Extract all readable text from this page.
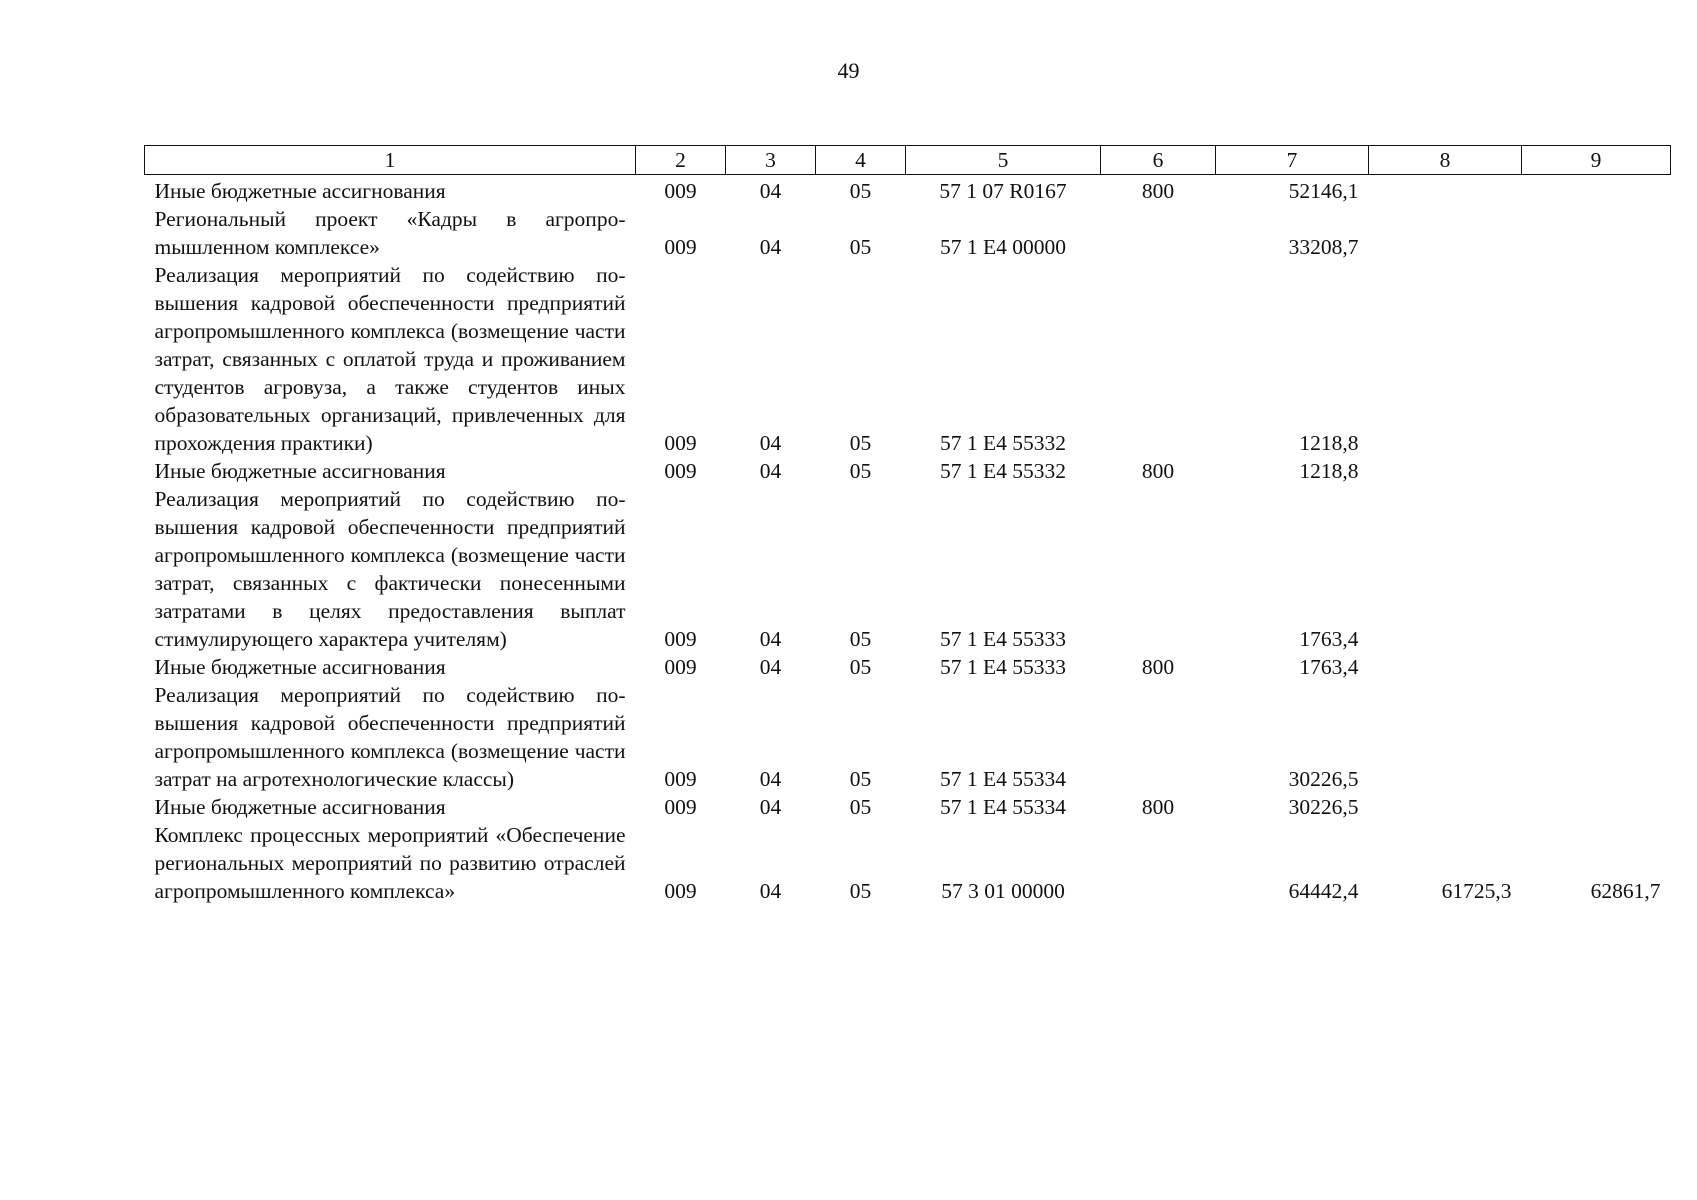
49
1	2	3	4	5	6	7	8	9
Иные бюджетные ассигнования	009	04	05	57 1 07 R0167	800	52146,1		
Региональный проект «Кадры в агропроmышленном комплексе»	009	04	05	57 1 E4 00000		33208,7		
Реализация мероприятий по содействию повышения кадровой обеспеченности предприятий агропромышленного комплекса (возмещение части затрат, связанных с оплатой труда и проживанием студентов агровуза, а также студентов иных образовательных организаций, привлеченных для прохождения практики)	009	04	05	57 1 E4 55332		1218,8		
Иные бюджетные ассигнования	009	04	05	57 1 E4 55332	800	1218,8		
Реализация мероприятий по содействию повышения кадровой обеспеченности предприятий агропромышленного комплекса (возмещение части затрат, связанных с фактически понесенными затратами в целях предоставления выплат стимулирующего характера учителям)	009	04	05	57 1 E4 55333		1763,4		
Иные бюджетные ассигнования	009	04	05	57 1 E4 55333	800	1763,4		
Реализация мероприятий по содействию повышения кадровой обеспеченности предприятий агропромышленного комплекса (возмещение части затрат на агротехнологические классы)	009	04	05	57 1 E4 55334		30226,5		
Иные бюджетные ассигнования	009	04	05	57 1 E4 55334	800	30226,5		
Комплекс процессных мероприятий «Обеспечение региональных мероприятий по развитию отраслей агропромышленного комплекса»	009	04	05	57 3 01 00000		64442,4	61725,3	62861,7
